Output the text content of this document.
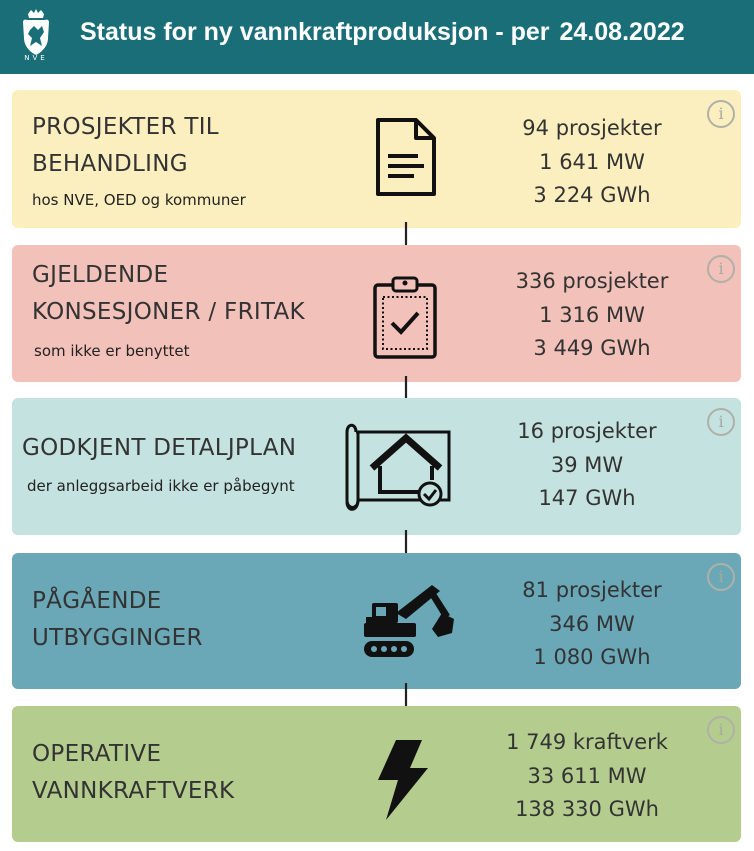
NVE
Status for ny vannkraftproduksjon - per 24.08.2022
PROSJEKTER TIL
BEHANDLING
hos NVE, OED og kommuner
94 prosjekter
1 641 MW
3 224 GWh
i
GJELDENDE
KONSESJONER / FRITAK
som ikke er benyttet
336 prosjekter
1 316 MW
3 449 GWh
i
GODKJENT DETALJPLAN
der anleggsarbeid ikke er påbegynt
16 prosjekter
39 MW
147 GWh
i
PÅGÅENDE
UTBYGGINGER
81 prosjekter
346 MW
1 080 GWh
i
OPERATIVE
VANNKRAFTVERK
1 749 kraftverk
33 611 MW
138 330 GWh
i
